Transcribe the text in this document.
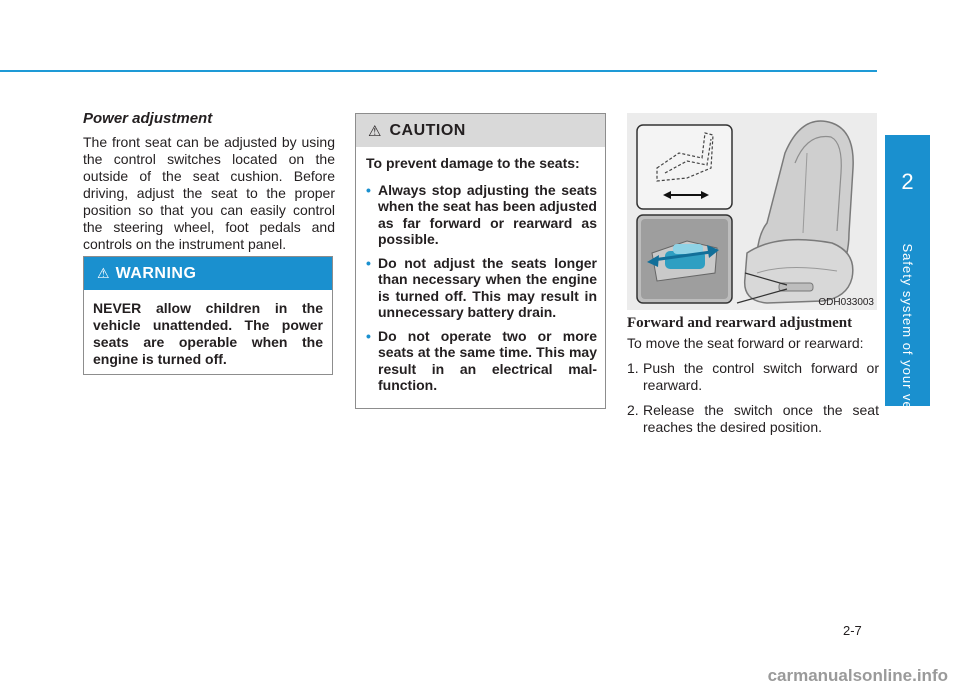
Power adjustment

The front seat can be adjusted by using the control switches located on the outside of the seat cushion. Before driving, adjust the seat to the proper position so that you can easily control the steering wheel, foot pedals and controls on the instrument panel.

⚠ WARNING
NEVER allow children in the vehicle unattended. The power seats are operable when the engine is turned off.
⚠ CAUTION

To prevent damage to the seats:

• Always stop adjusting the seats when the seat has been adjusted as far forward or rearward as possible.
• Do not adjust the seats longer than necessary when the engine is turned off. This may result in unnecessary battery drain.
• Do not operate two or more seats at the same time. This may result in an electrical mal-function.
ODH033003
Forward and rearward adjustment

To move the seat forward or rearward:

1. Push the control switch forward or rearward.
2. Release the switch once the seat reaches the desired position.
2
Safety system of your vehicle
2-7
carmanualsonline.info
